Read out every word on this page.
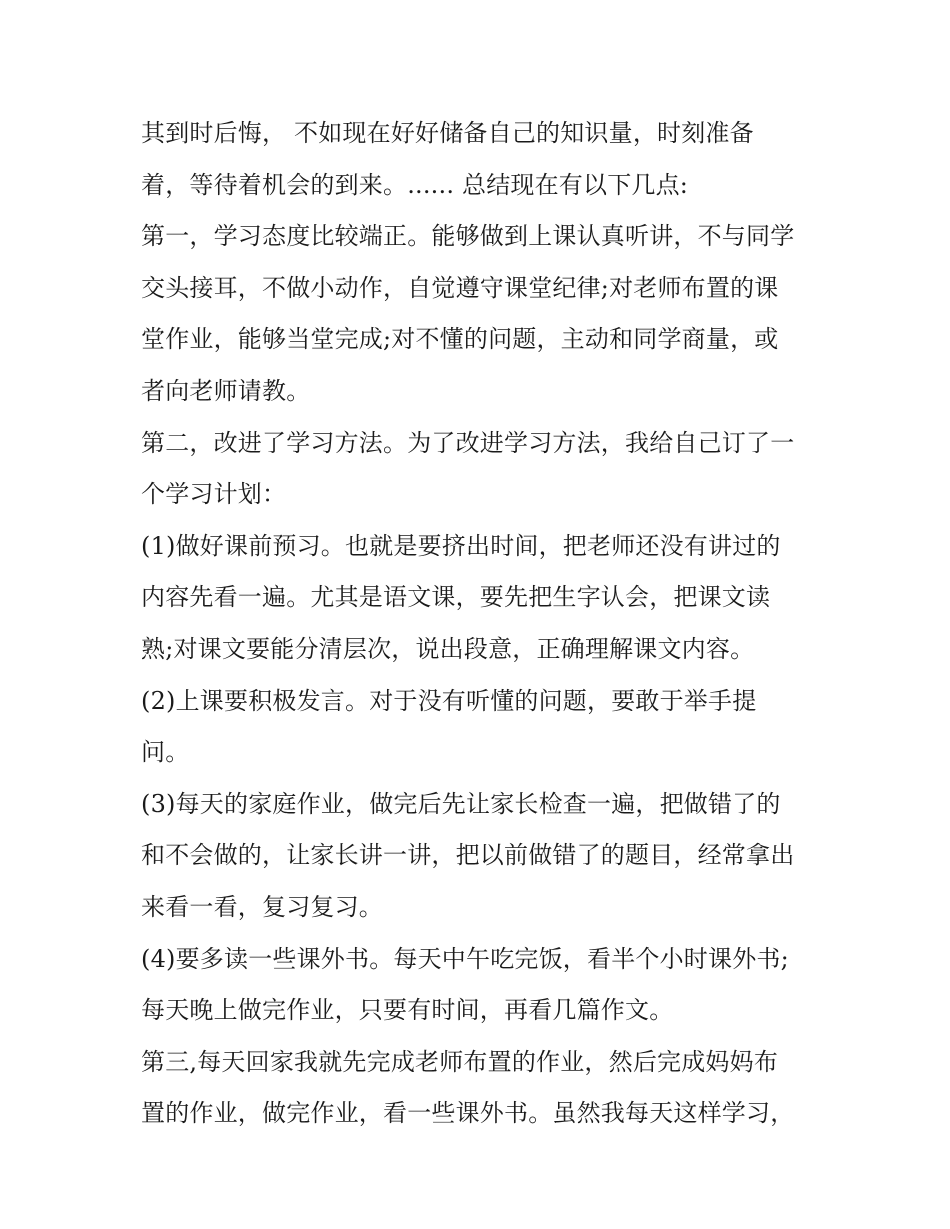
其到时后悔， 不如现在好好储备自己的知识量，时刻准备
着，等待着机会的到来。...... 总结现在有以下几点:
第一，学习态度比较端正。能够做到上课认真听讲，不与同学
交头接耳，不做小动作，自觉遵守课堂纪律;对老师布置的课
堂作业，能够当堂完成;对不懂的问题，主动和同学商量，或
者向老师请教。
第二，改进了学习方法。为了改进学习方法，我给自己订了一
个学习计划：
(1)做好课前预习。也就是要挤出时间，把老师还没有讲过的
内容先看一遍。尤其是语文课，要先把生字认会，把课文读
熟;对课文要能分清层次，说出段意，正确理解课文内容。
(2)上课要积极发言。对于没有听懂的问题，要敢于举手提
问。
(3)每天的家庭作业，做完后先让家长检查一遍，把做错了的
和不会做的，让家长讲一讲，把以前做错了的题目，经常拿出
来看一看，复习复习。
(4)要多读一些课外书。每天中午吃完饭，看半个小时课外书;
每天晚上做完作业，只要有时间，再看几篇作文。
第三,每天回家我就先完成老师布置的作业，然后完成妈妈布
置的作业，做完作业，看一些课外书。虽然我每天这样学习，
